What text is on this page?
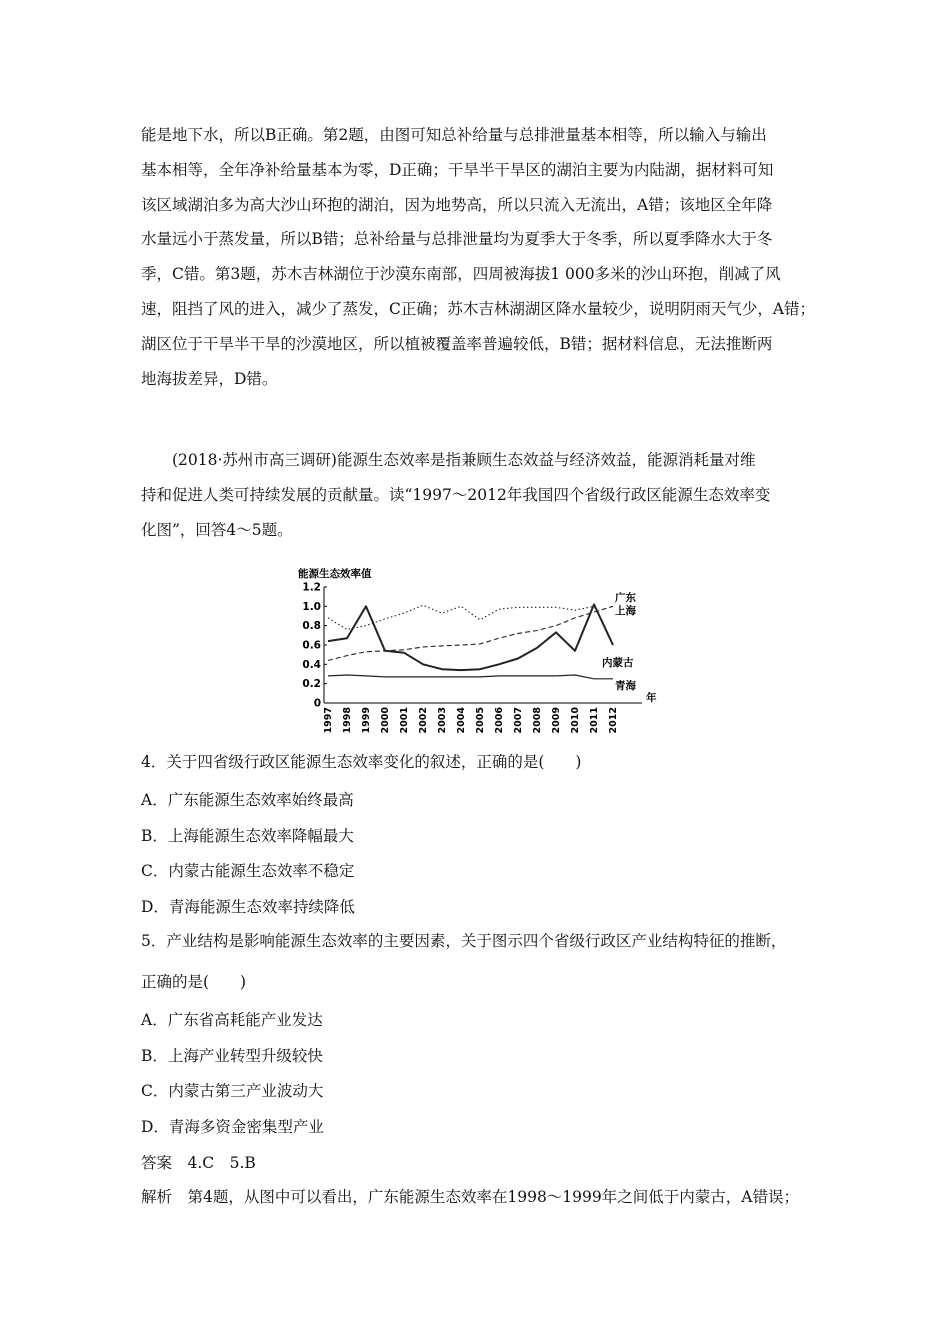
能是地下水，所以B正确。第2题，由图可知总补给量与总排泄量基本相等，所以输入与输出

基本相等，全年净补给量基本为零，D正确；干旱半干旱区的湖泊主要为内陆湖，据材料可知

该区域湖泊多为高大沙山环抱的湖泊，因为地势高，所以只流入无流出，A错；该地区全年降

水量远小于蒸发量，所以B错；总补给量与总排泄量均为夏季大于冬季，所以夏季降水大于冬

季，C错。第3题，苏木吉林湖位于沙漠东南部，四周被海拔1 000多米的沙山环抱，削减了风

速，阻挡了风的进入，减少了蒸发，C正确；苏木吉林湖湖区降水量较少，说明阴雨天气少，A错；

湖区位于干旱半干旱的沙漠地区，所以植被覆盖率普遍较低，B错；据材料信息，无法推断两

地海拔差异，D错。

　　(2018·苏州市高三调研)能源生态效率是指兼顾生态效益与经济效益，能源消耗量对维

持和促进人类可持续发展的贡献量。读“1997～2012年我国四个省级行政区能源生态效率变

化图”，回答4～5题。

能源生态效率值
年
0
0.2
0.4
0.6
0.8
1.0
1.2
1997 1998 1999 2000 2001 2002 2003 2004 2005 2006 2007 2008 2009 2010 2011 2012
广东
上海
内蒙古
青海
4．关于四省级行政区能源生态效率变化的叙述，正确的是(　　)
A．广东能源生态效率始终最高
B．上海能源生态效率降幅最大
C．内蒙古能源生态效率不稳定
D．青海能源生态效率持续降低
5．产业结构是影响能源生态效率的主要因素，关于图示四个省级行政区产业结构特征的推断，
正确的是(　　)
A．广东省高耗能产业发达
B．上海产业转型升级较快
C．内蒙古第三产业波动大
D．青海多资金密集型产业
答案　4.C　5.B
解析　第4题，从图中可以看出，广东能源生态效率在1998～1999年之间低于内蒙古，A错误；
